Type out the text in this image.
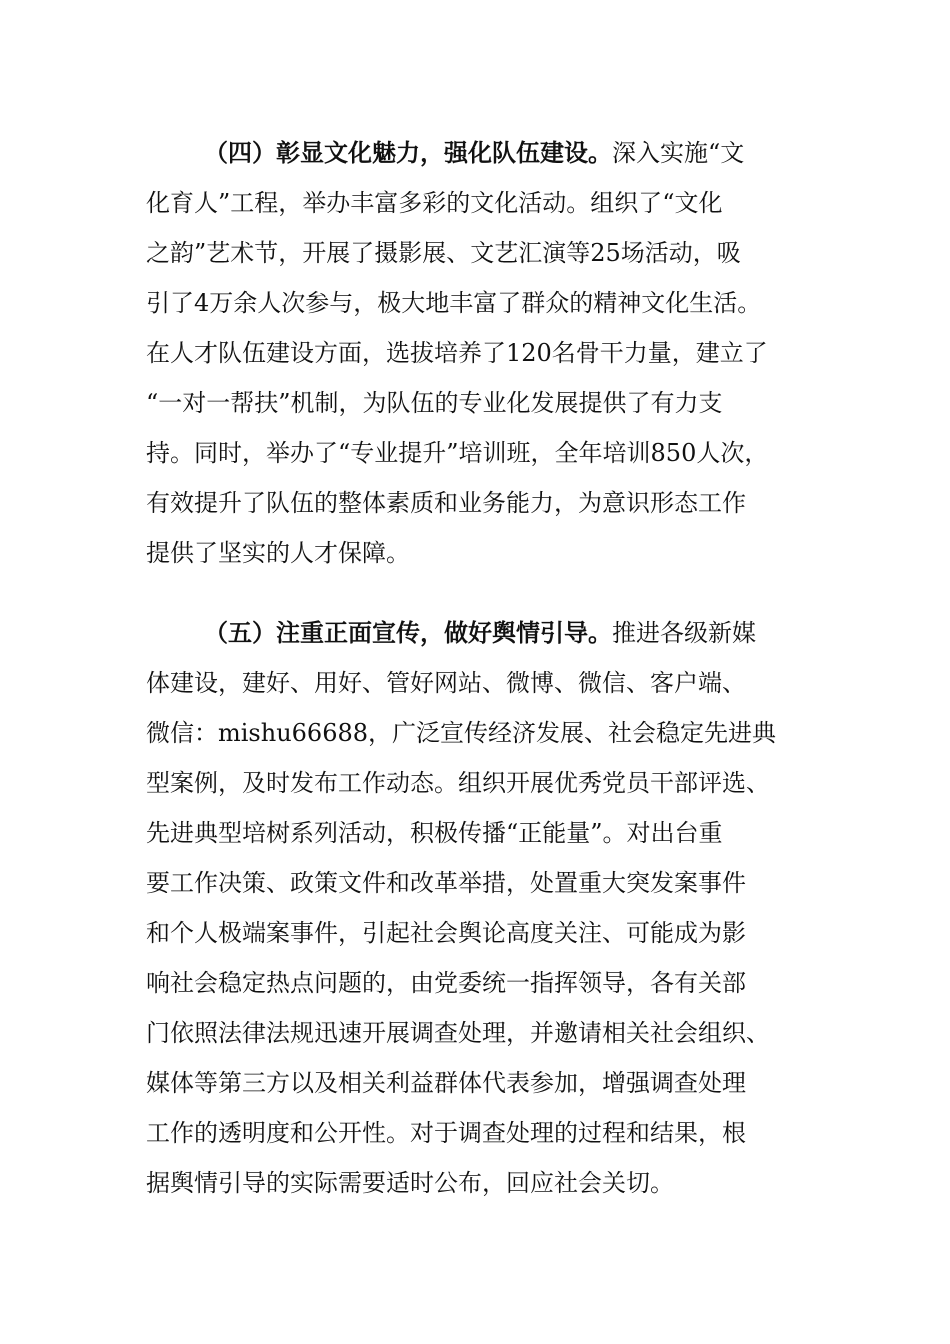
（四）彰显文化魅力，强化队伍建设。深入实施“文
化育人”工程，举办丰富多彩的文化活动。组织了“文化
之韵”艺术节，开展了摄影展、文艺汇演等25场活动，吸
引了4万余人次参与，极大地丰富了群众的精神文化生活。
在人才队伍建设方面，选拔培养了120名骨干力量，建立了
“一对一帮扶”机制，为队伍的专业化发展提供了有力支
持。同时，举办了“专业提升”培训班，全年培训850人次，
有效提升了队伍的整体素质和业务能力，为意识形态工作
提供了坚实的人才保障。
（五）注重正面宣传，做好舆情引导。推进各级新媒
体建设，建好、用好、管好网站、微博、微信、客户端、
微信：mishu66688，广泛宣传经济发展、社会稳定先进典
型案例，及时发布工作动态。组织开展优秀党员干部评选、
先进典型培树系列活动，积极传播“正能量”。对出台重
要工作决策、政策文件和改革举措，处置重大突发案事件
和个人极端案事件，引起社会舆论高度关注、可能成为影
响社会稳定热点问题的，由党委统一指挥领导，各有关部
门依照法律法规迅速开展调查处理，并邀请相关社会组织、
媒体等第三方以及相关利益群体代表参加，增强调查处理
工作的透明度和公开性。对于调查处理的过程和结果，根
据舆情引导的实际需要适时公布，回应社会关切。
